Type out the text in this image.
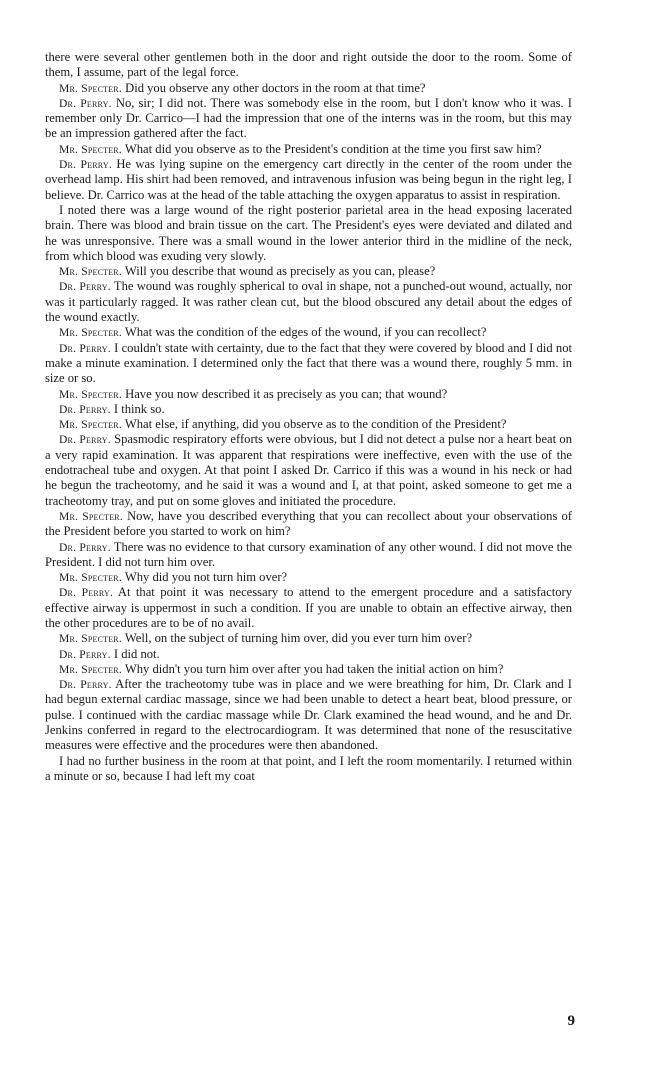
there were several other gentlemen both in the door and right outside the door to the room. Some of them, I assume, part of the legal force.

Mr. Specter. Did you observe any other doctors in the room at that time?

Dr. Perry. No, sir; I did not. There was somebody else in the room, but I don't know who it was. I remember only Dr. Carrico—I had the impression that one of the interns was in the room, but this may be an impression gathered after the fact.

Mr. Specter. What did you observe as to the President's condition at the time you first saw him?

Dr. Perry. He was lying supine on the emergency cart directly in the center of the room under the overhead lamp. His shirt had been removed, and intravenous infusion was being begun in the right leg, I believe. Dr. Carrico was at the head of the table attaching the oxygen apparatus to assist in respiration.

I noted there was a large wound of the right posterior parietal area in the head exposing lacerated brain. There was blood and brain tissue on the cart. The President's eyes were deviated and dilated and he was unresponsive. There was a small wound in the lower anterior third in the midline of the neck, from which blood was exuding very slowly.

Mr. Specter. Will you describe that wound as precisely as you can, please?

Dr. Perry. The wound was roughly spherical to oval in shape, not a punched-out wound, actually, nor was it particularly ragged. It was rather clean cut, but the blood obscured any detail about the edges of the wound exactly.

Mr. Specter. What was the condition of the edges of the wound, if you can recollect?

Dr. Perry. I couldn't state with certainty, due to the fact that they were covered by blood and I did not make a minute examination. I determined only the fact that there was a wound there, roughly 5 mm. in size or so.

Mr. Specter. Have you now described it as precisely as you can; that wound?

Dr. Perry. I think so.

Mr. Specter. What else, if anything, did you observe as to the condition of the President?

Dr. Perry. Spasmodic respiratory efforts were obvious, but I did not detect a pulse nor a heart beat on a very rapid examination. It was apparent that respirations were ineffective, even with the use of the endotracheal tube and oxygen. At that point I asked Dr. Carrico if this was a wound in his neck or had he begun the tracheotomy, and he said it was a wound and I, at that point, asked someone to get me a tracheotomy tray, and put on some gloves and initiated the procedure.

Mr. Specter. Now, have you described everything that you can recollect about your observations of the President before you started to work on him?

Dr. Perry. There was no evidence to that cursory examination of any other wound. I did not move the President. I did not turn him over.

Mr. Specter. Why did you not turn him over?

Dr. Perry. At that point it was necessary to attend to the emergent procedure and a satisfactory effective airway is uppermost in such a condition. If you are unable to obtain an effective airway, then the other procedures are to be of no avail.

Mr. Specter. Well, on the subject of turning him over, did you ever turn him over?

Dr. Perry. I did not.

Mr. Specter. Why didn't you turn him over after you had taken the initial action on him?

Dr. Perry. After the tracheotomy tube was in place and we were breathing for him, Dr. Clark and I had begun external cardiac massage, since we had been unable to detect a heart beat, blood pressure, or pulse. I continued with the cardiac massage while Dr. Clark examined the head wound, and he and Dr. Jenkins conferred in regard to the electrocardiogram. It was determined that none of the resuscitative measures were effective and the procedures were then abandoned.

I had no further business in the room at that point, and I left the room momentarily. I returned within a minute or so, because I had left my coat

9
